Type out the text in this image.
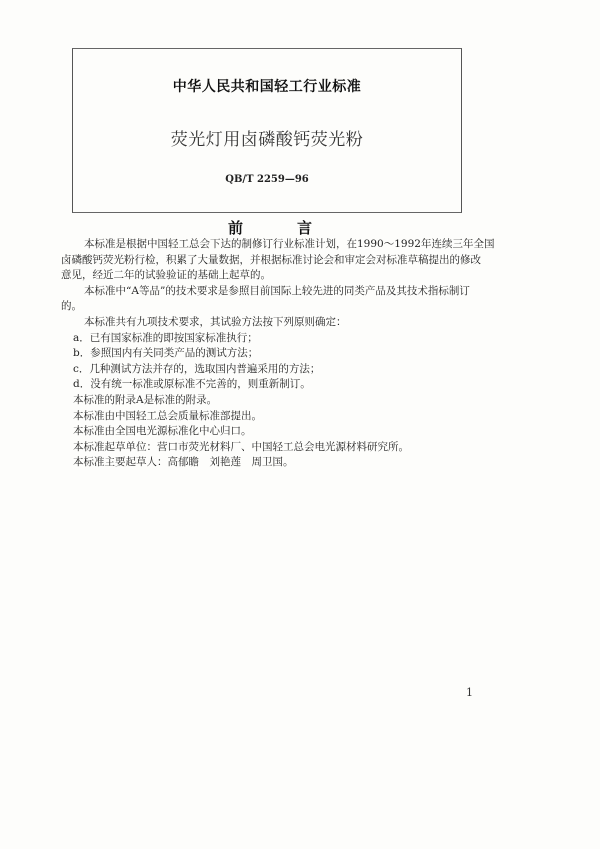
中华人民共和国轻工行业标准
荧光灯用卤磷酸钙荧光粉
QB/T 2259—96
前	言
本标准是根据中国轻工总会下达的制修订行业标准计划，在1990～1992年连续三年全国
卤磷酸钙荧光粉行检，积累了大量数据，并根据标准讨论会和审定会对标准草稿提出的修改
意见，经近二年的试验验证的基础上起草的。
本标准中“A等品”的技术要求是参照目前国际上较先进的同类产品及其技术指标制订
的。
本标准共有九项技术要求，其试验方法按下列原则确定：
a．已有国家标准的即按国家标准执行；
b．参照国内有关同类产品的测试方法；
c．几种测试方法并存的，选取国内普遍采用的方法；
d．没有统一标准或原标准不完善的，则重新制订。
本标准的附录A是标准的附录。
本标准由中国轻工总会质量标准部提出。
本标准由全国电光源标准化中心归口。
本标准起草单位：营口市荧光材料厂、中国轻工总会电光源材料研究所。
本标准主要起草人：高郁瞻　刘艳莲　周卫国。
1
